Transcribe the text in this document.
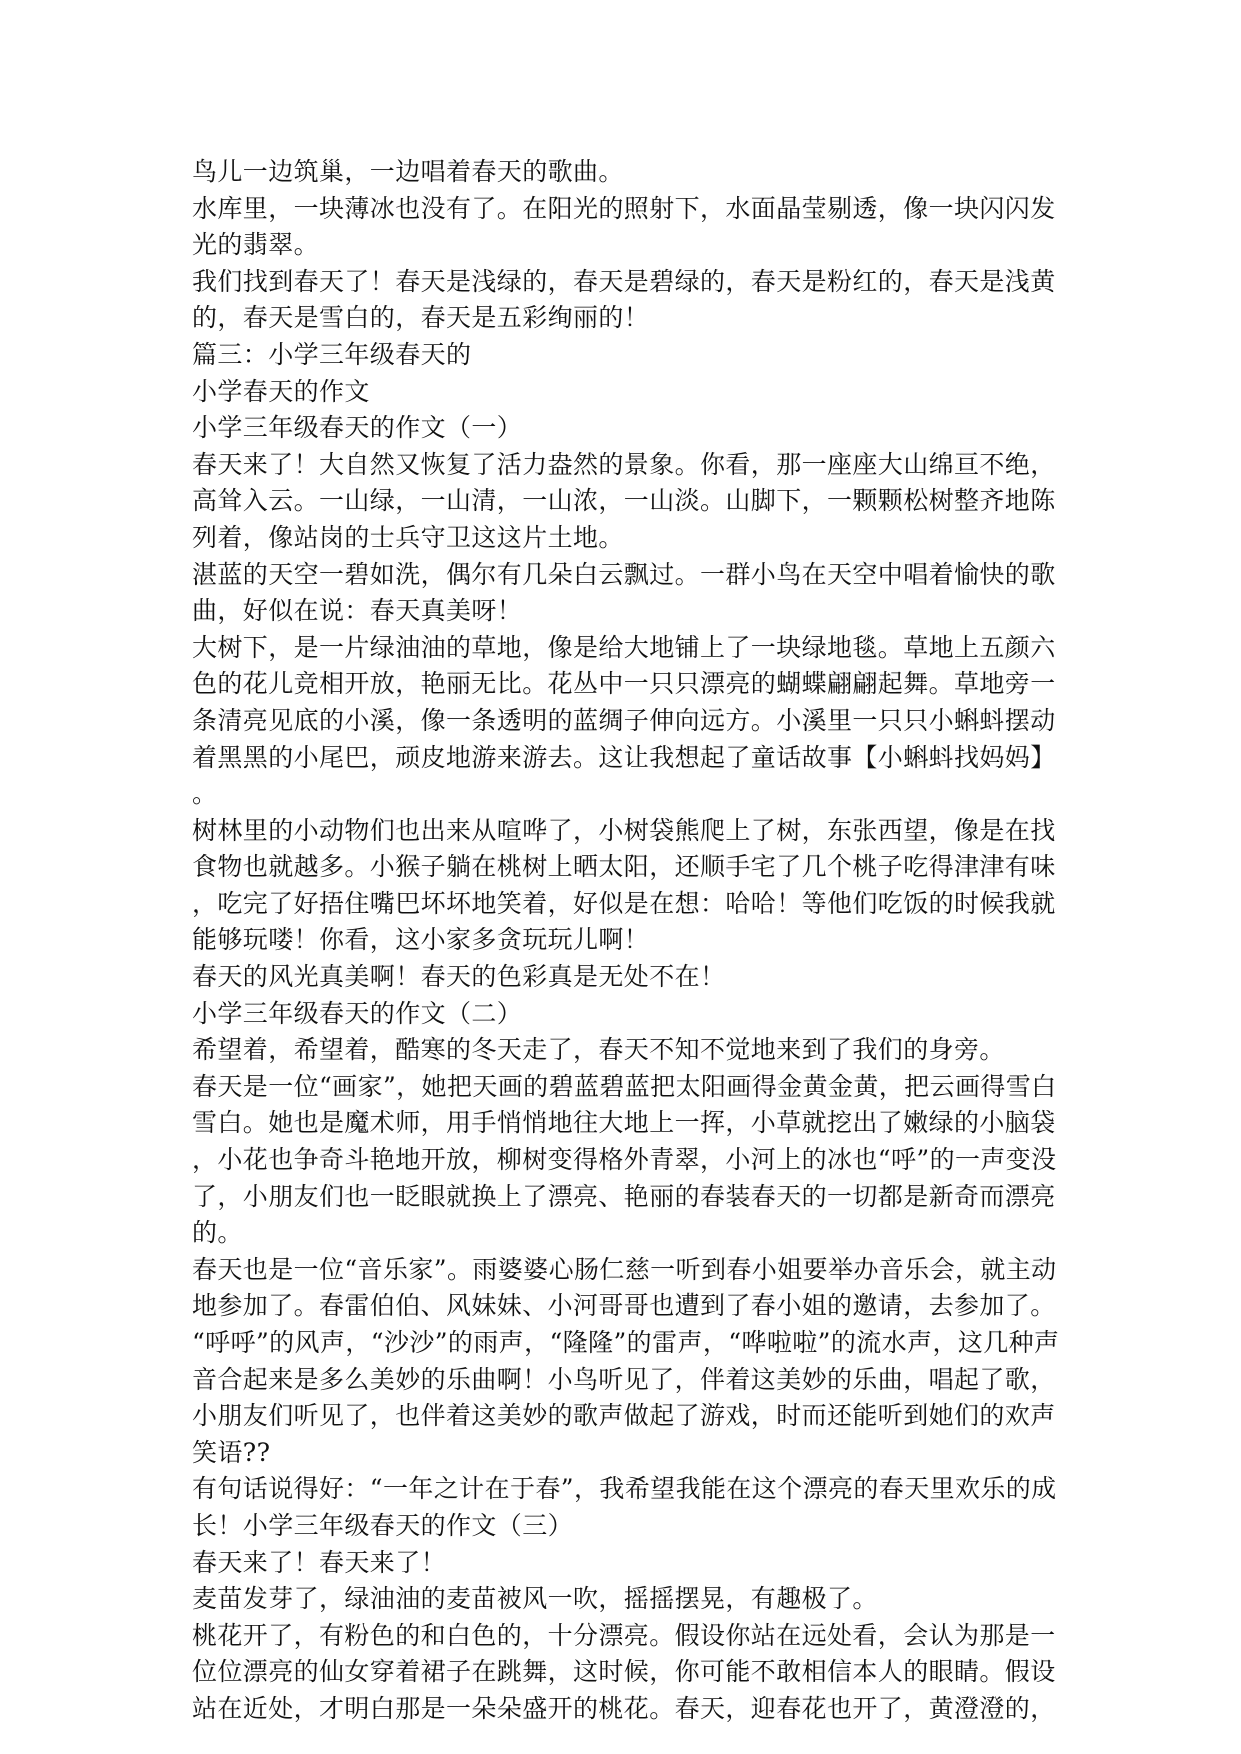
鸟儿一边筑巢，一边唱着春天的歌曲。
水库里，一块薄冰也没有了。在阳光的照射下，水面晶莹剔透，像一块闪闪发
光的翡翠。
我们找到春天了！春天是浅绿的，春天是碧绿的，春天是粉红的，春天是浅黄
的，春天是雪白的，春天是五彩绚丽的！
篇三：小学三年级春天的
小学春天的作文
小学三年级春天的作文（一）
春天来了！大自然又恢复了活力盎然的景象。你看，那一座座大山绵亘不绝，
高耸入云。一山绿，一山清，一山浓，一山淡。山脚下，一颗颗松树整齐地陈
列着，像站岗的士兵守卫这这片土地。
湛蓝的天空一碧如洗，偶尔有几朵白云飘过。一群小鸟在天空中唱着愉快的歌
曲，好似在说：春天真美呀！
大树下，是一片绿油油的草地，像是给大地铺上了一块绿地毯。草地上五颜六
色的花儿竞相开放，艳丽无比。花丛中一只只漂亮的蝴蝶翩翩起舞。草地旁一
条清亮见底的小溪，像一条透明的蓝绸子伸向远方。小溪里一只只小蝌蚪摆动
着黑黑的小尾巴，顽皮地游来游去。这让我想起了童话故事【小蝌蚪找妈妈】
。
树林里的小动物们也出来从喧哗了，小树袋熊爬上了树，东张西望，像是在找
食物也就越多。小猴子躺在桃树上晒太阳，还顺手宅了几个桃子吃得津津有味
，吃完了好捂住嘴巴坏坏地笑着，好似是在想：哈哈！等他们吃饭的时候我就
能够玩喽！你看，这小家多贪玩玩儿啊！
春天的风光真美啊！春天的色彩真是无处不在！
小学三年级春天的作文（二）
希望着，希望着，酷寒的冬天走了，春天不知不觉地来到了我们的身旁。
春天是一位“画家”，她把天画的碧蓝碧蓝把太阳画得金黄金黄，把云画得雪白
雪白。她也是魔术师，用手悄悄地往大地上一挥，小草就挖出了嫩绿的小脑袋
，小花也争奇斗艳地开放，柳树变得格外青翠，小河上的冰也“呼”的一声变没
了，小朋友们也一眨眼就换上了漂亮、艳丽的春装春天的一切都是新奇而漂亮
的。
春天也是一位“音乐家”。雨婆婆心肠仁慈一听到春小姐要举办音乐会，就主动
地参加了。春雷伯伯、风妹妹、小河哥哥也遭到了春小姐的邀请，去参加了。
“呼呼”的风声，“沙沙”的雨声，“隆隆”的雷声，“哗啦啦”的流水声，这几种声
音合起来是多么美妙的乐曲啊！小鸟听见了，伴着这美妙的乐曲，唱起了歌，
小朋友们听见了，也伴着这美妙的歌声做起了游戏，时而还能听到她们的欢声
笑语??
有句话说得好：“一年之计在于春”，我希望我能在这个漂亮的春天里欢乐的成
长！小学三年级春天的作文（三）
春天来了！春天来了！
麦苗发芽了，绿油油的麦苗被风一吹，摇摇摆晃，有趣极了。
桃花开了，有粉色的和白色的，十分漂亮。假设你站在远处看，会认为那是一
位位漂亮的仙女穿着裙子在跳舞，这时候，你可能不敢相信本人的眼睛。假设
站在近处，才明白那是一朵朵盛开的桃花。春天，迎春花也开了，黄澄澄的，
